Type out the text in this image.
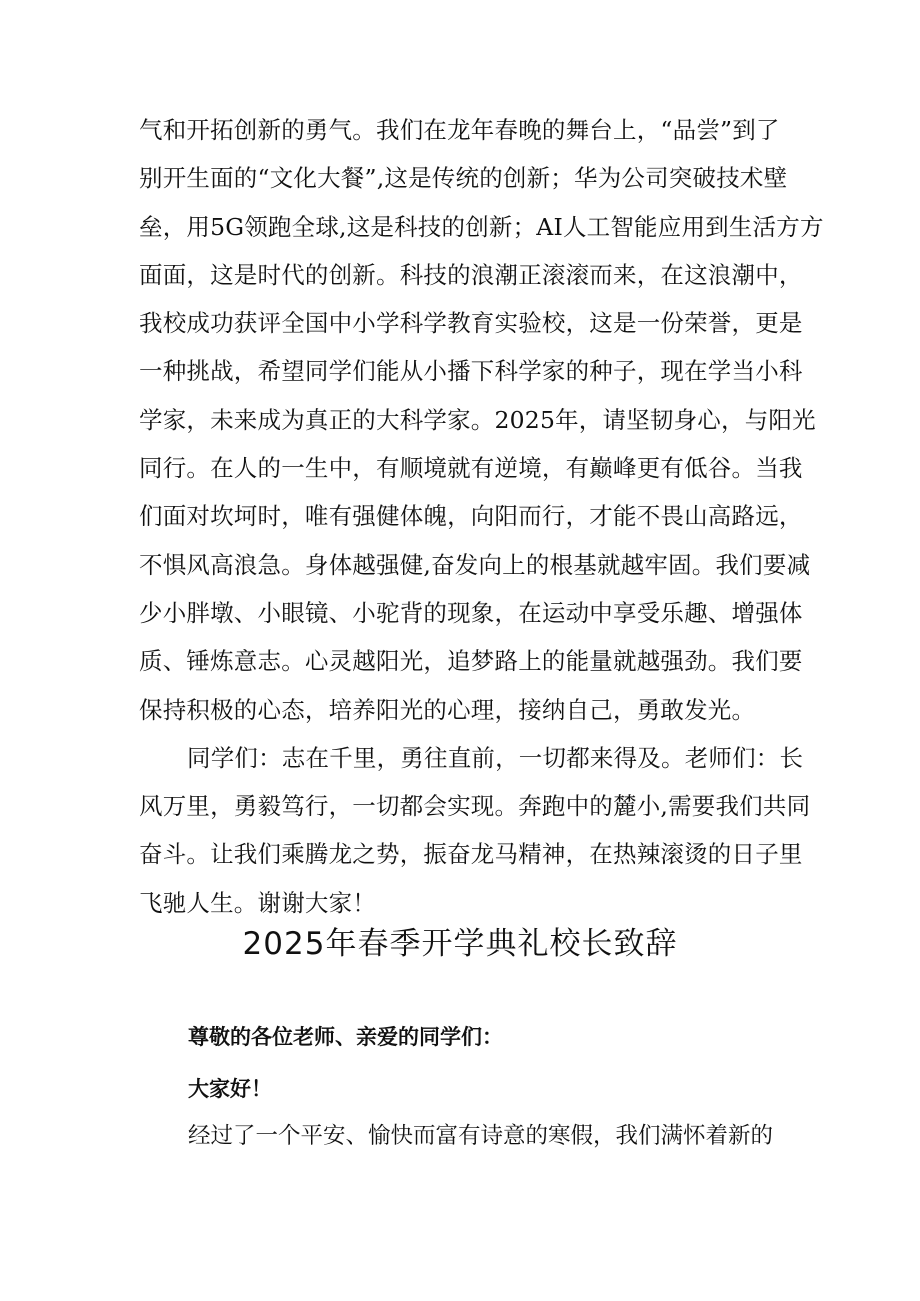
气和开拓创新的勇气。我们在龙年春晚的舞台上，“品尝”到了
别开生面的“文化大餐”,这是传统的创新；华为公司突破技术壁
垒，用5G领跑全球,这是科技的创新；AI人工智能应用到生活方方
面面，这是时代的创新。科技的浪潮正滚滚而来，在这浪潮中，
我校成功获评全国中小学科学教育实验校，这是一份荣誉，更是
一种挑战，希望同学们能从小播下科学家的种子，现在学当小科
学家，未来成为真正的大科学家。2025年，请坚韧身心，与阳光
同行。在人的一生中，有顺境就有逆境，有巅峰更有低谷。当我
们面对坎坷时，唯有强健体魄，向阳而行，才能不畏山高路远，
不惧风高浪急。身体越强健,奋发向上的根基就越牢固。我们要减
少小胖墩、小眼镜、小驼背的现象，在运动中享受乐趣、增强体
质、锤炼意志。心灵越阳光，追梦路上的能量就越强劲。我们要
保持积极的心态，培养阳光的心理，接纳自己，勇敢发光。
同学们：志在千里，勇往直前，一切都来得及。老师们：长
风万里，勇毅笃行，一切都会实现。奔跑中的麓小,需要我们共同
奋斗。让我们乘腾龙之势，振奋龙马精神，在热辣滚烫的日子里
飞驰人生。谢谢大家！
2025年春季开学典礼校长致辞
尊敬的各位老师、亲爱的同学们：
大家好！
经过了一个平安、愉快而富有诗意的寒假，我们满怀着新的
